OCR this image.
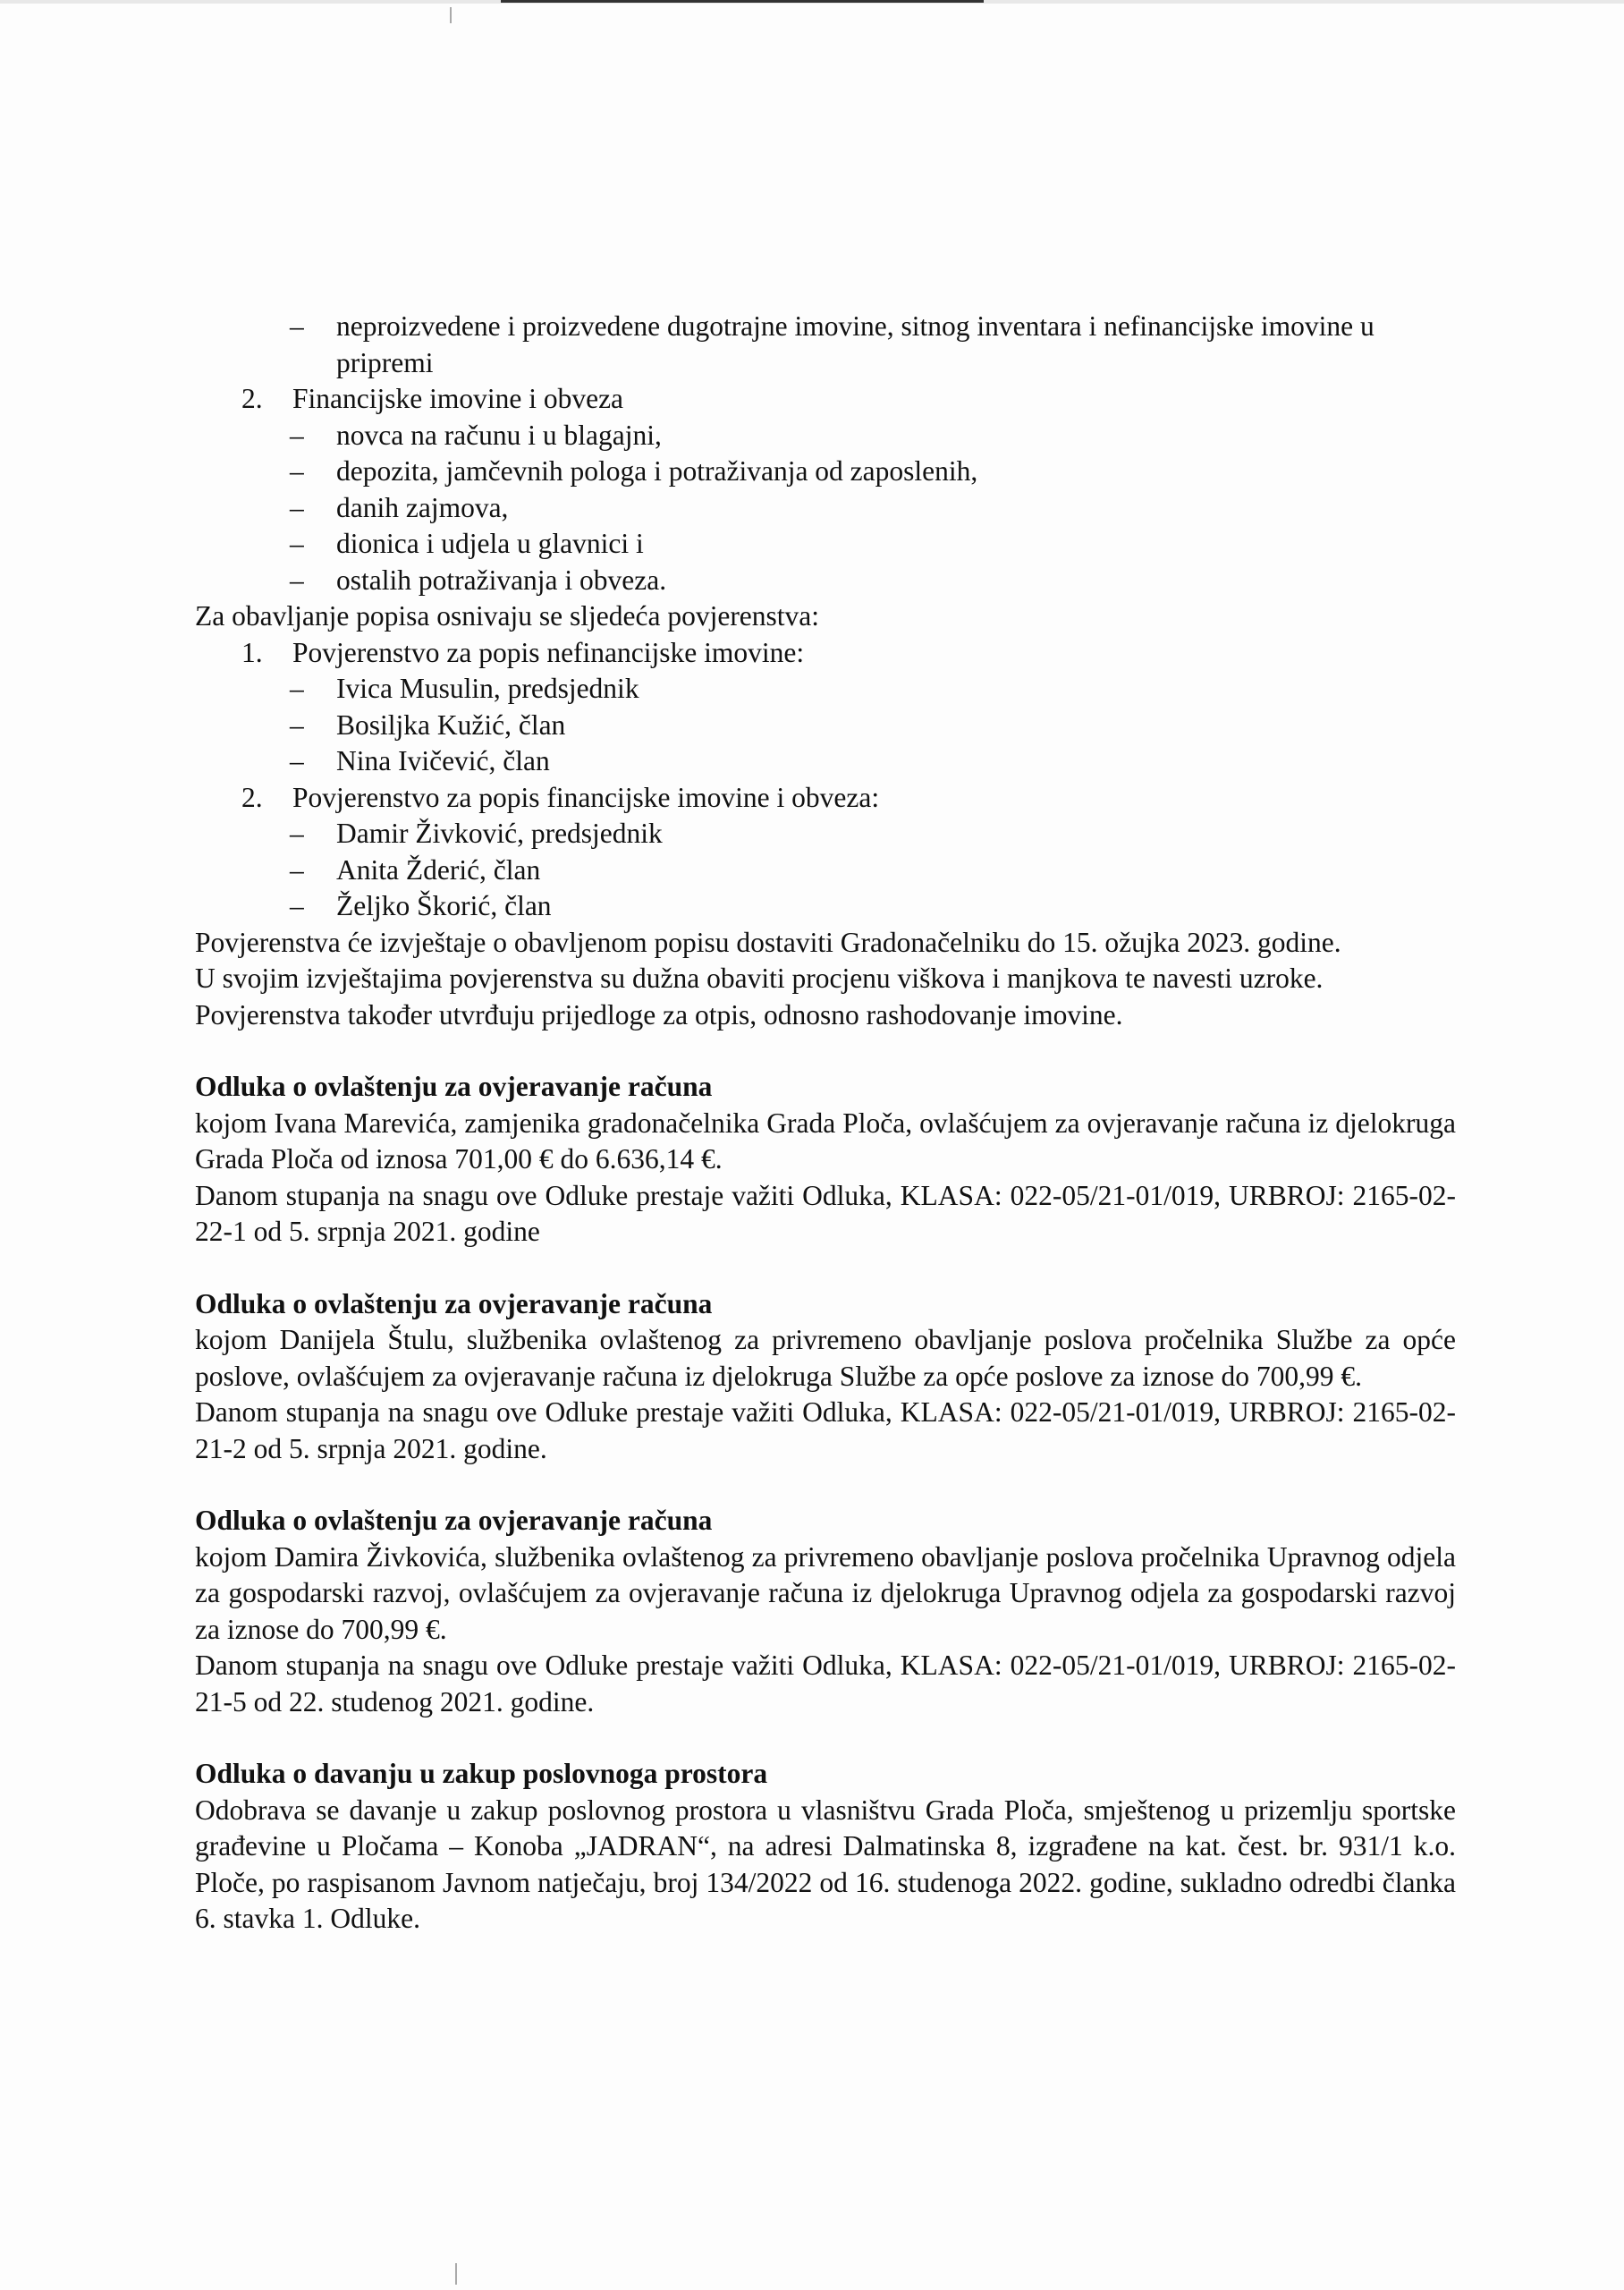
– neproizvedene i proizvedene dugotrajne imovine, sitnog inventara i nefinancijske imovine u pripremi
2. Financijske imovine i obveza
– novca na računu i u blagajni,
– depozita, jamčevnih pologa i potraživanja od zaposlenih,
– danih zajmova,
– dionica i udjela u glavnici i
– ostalih potraživanja i obveza.

Za obavljanje popisa osnivaju se sljedeća povjerenstva:

1. Povjerenstvo za popis nefinancijske imovine:
– Ivica Musulin, predsjednik
– Bosiljka Kužić, član
– Nina Ivičević, član
2. Povjerenstvo za popis financijske imovine i obveza:
– Damir Živković, predsjednik
– Anita Žderić, član
– Željko Škorić, član

Povjerenstva će izvještaje o obavljenom popisu dostaviti Gradonačelniku do 15. ožujka 2023. godine.

U svojim izvještajima povjerenstva su dužna obaviti procjenu viškova i manjkova te navesti uzroke.

Povjerenstva također utvrđuju prijedloge za otpis, odnosno rashodovanje imovine.

Odluka o ovlaštenju za ovjeravanje računa

kojom Ivana Marevića, zamjenika gradonačelnika Grada Ploča, ovlašćujem za ovjeravanje računa iz djelokruga Grada Ploča od iznosa 701,00 € do 6.636,14 €.

Danom stupanja na snagu ove Odluke prestaje važiti Odluka, KLASA: 022-05/21-01/019, URBROJ: 2165-02-22-1 od 5. srpnja 2021. godine

Odluka o ovlaštenju za ovjeravanje računa

kojom Danijela Štulu, službenika ovlaštenog za privremeno obavljanje poslova pročelnika Službe za opće poslove, ovlašćujem za ovjeravanje računa iz djelokruga Službe za opće poslove za iznose do 700,99 €.

Danom stupanja na snagu ove Odluke prestaje važiti Odluka, KLASA: 022-05/21-01/019, URBROJ: 2165-02-21-2 od 5. srpnja 2021. godine.

Odluka o ovlaštenju za ovjeravanje računa

kojom Damira Živkovića, službenika ovlaštenog za privremeno obavljanje poslova pročelnika Upravnog odjela za gospodarski razvoj, ovlašćujem za ovjeravanje računa iz djelokruga Upravnog odjela za gospodarski razvoj za iznose do 700,99 €.

Danom stupanja na snagu ove Odluke prestaje važiti Odluka, KLASA: 022-05/21-01/019, URBROJ: 2165-02-21-5 od 22. studenog 2021. godine.

Odluka o davanju u zakup poslovnoga prostora

Odobrava se davanje u zakup poslovnog prostora u vlasništvu Grada Ploča, smještenog u prizemlju sportske građevine u Pločama – Konoba „JADRAN“, na adresi Dalmatinska 8, izgrađene na kat. čest. br. 931/1 k.o. Ploče, po raspisanom Javnom natječaju, broj 134/2022 od 16. studenoga 2022. godine, sukladno odredbi članka 6. stavka 1. Odluke.
